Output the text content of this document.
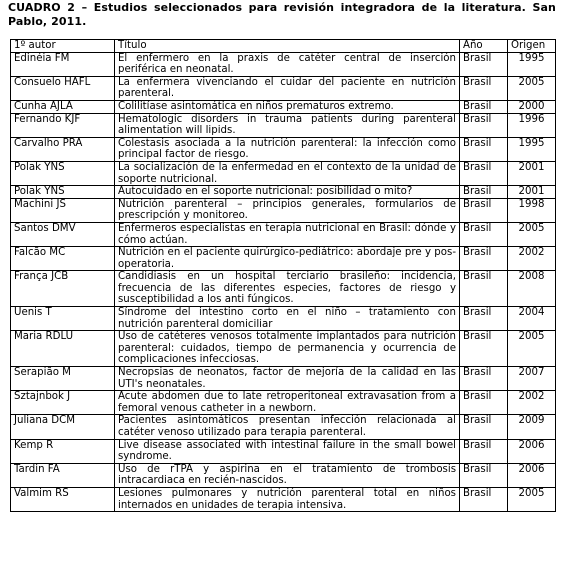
CUADRO 2 – Estudios seleccionados para revisión integradora de la literatura. San Pablo, 2011.
1º autor	Título	Año	Origen
Edinéia FM	El enfermero en la praxis de catéter central de inserción periférica en neonatal.	Brasil	1995
Consuelo HAFL	La enfermera vivenciando el cuidar del paciente en nutrición parenteral.	Brasil	2005
Cunha AJLA	Colilitíase asintomática en niños prematuros extremo.	Brasil	2000
Fernando KJF	Hematologic disorders in trauma patients during parenteral alimentation will lipids.	Brasil	1996
Carvalho PRA	Colestasis asociada a la nutrición parenteral: la infección como principal factor de riesgo.	Brasil	1995
Polak YNS	La socialización de la enfermedad en el contexto de la unidad de soporte nutricional.	Brasil	2001
Polak YNS	Autocuidado en el soporte nutricional: posibilidad o mito?	Brasil	2001
Machini JS	Nutrición parenteral – principios generales, formularios de prescripción y monitoreo.	Brasil	1998
Santos DMV	Enfermeros especialistas en terapia nutricional en Brasil: dónde y cómo actúan.	Brasil	2005
Falcão MC	Nutrición en el paciente quirúrgico-pediátrico: abordaje pre y pos-operatoria.	Brasil	2002
França JCB	Candidiasis en un hospital terciario brasileño: incidencia, frecuencia de las diferentes especies, factores de riesgo y susceptibilidad a los anti fúngicos.	Brasil	2008
Uenis T	Síndrome del intestino corto en el niño – tratamiento con nutrición parenteral domiciliar	Brasil	2004
Maria RDLU	Uso de catéteres venosos totalmente implantados para nutrición parenteral: cuidados, tiempo de permanencia y ocurrencia de complicaciones infecciosas.	Brasil	2005
Serapião M	Necropsias de neonatos, factor de mejoría de la calidad en las UTI's neonatales.	Brasil	2007
Sztajnbok J	Acute abdomen due to late retroperitoneal extravasation from a femoral venous catheter in a newborn.	Brasil	2002
Juliana DCM	Pacientes asintomáticos presentan infección relacionada al catéter venoso utilizado para terapia parenteral.	Brasil	2009
Kemp R	Live disease associated with intestinal failure in the small bowel syndrome.	Brasil	2006
Tardin FA	Uso de rTPA y aspirina en el tratamiento de trombosis intracardiaca en recién-nascidos.	Brasil	2006
Valmim RS	Lesiones pulmonares y nutrición parenteral total en niños internados en unidades de terapia intensiva.	Brasil	2005
